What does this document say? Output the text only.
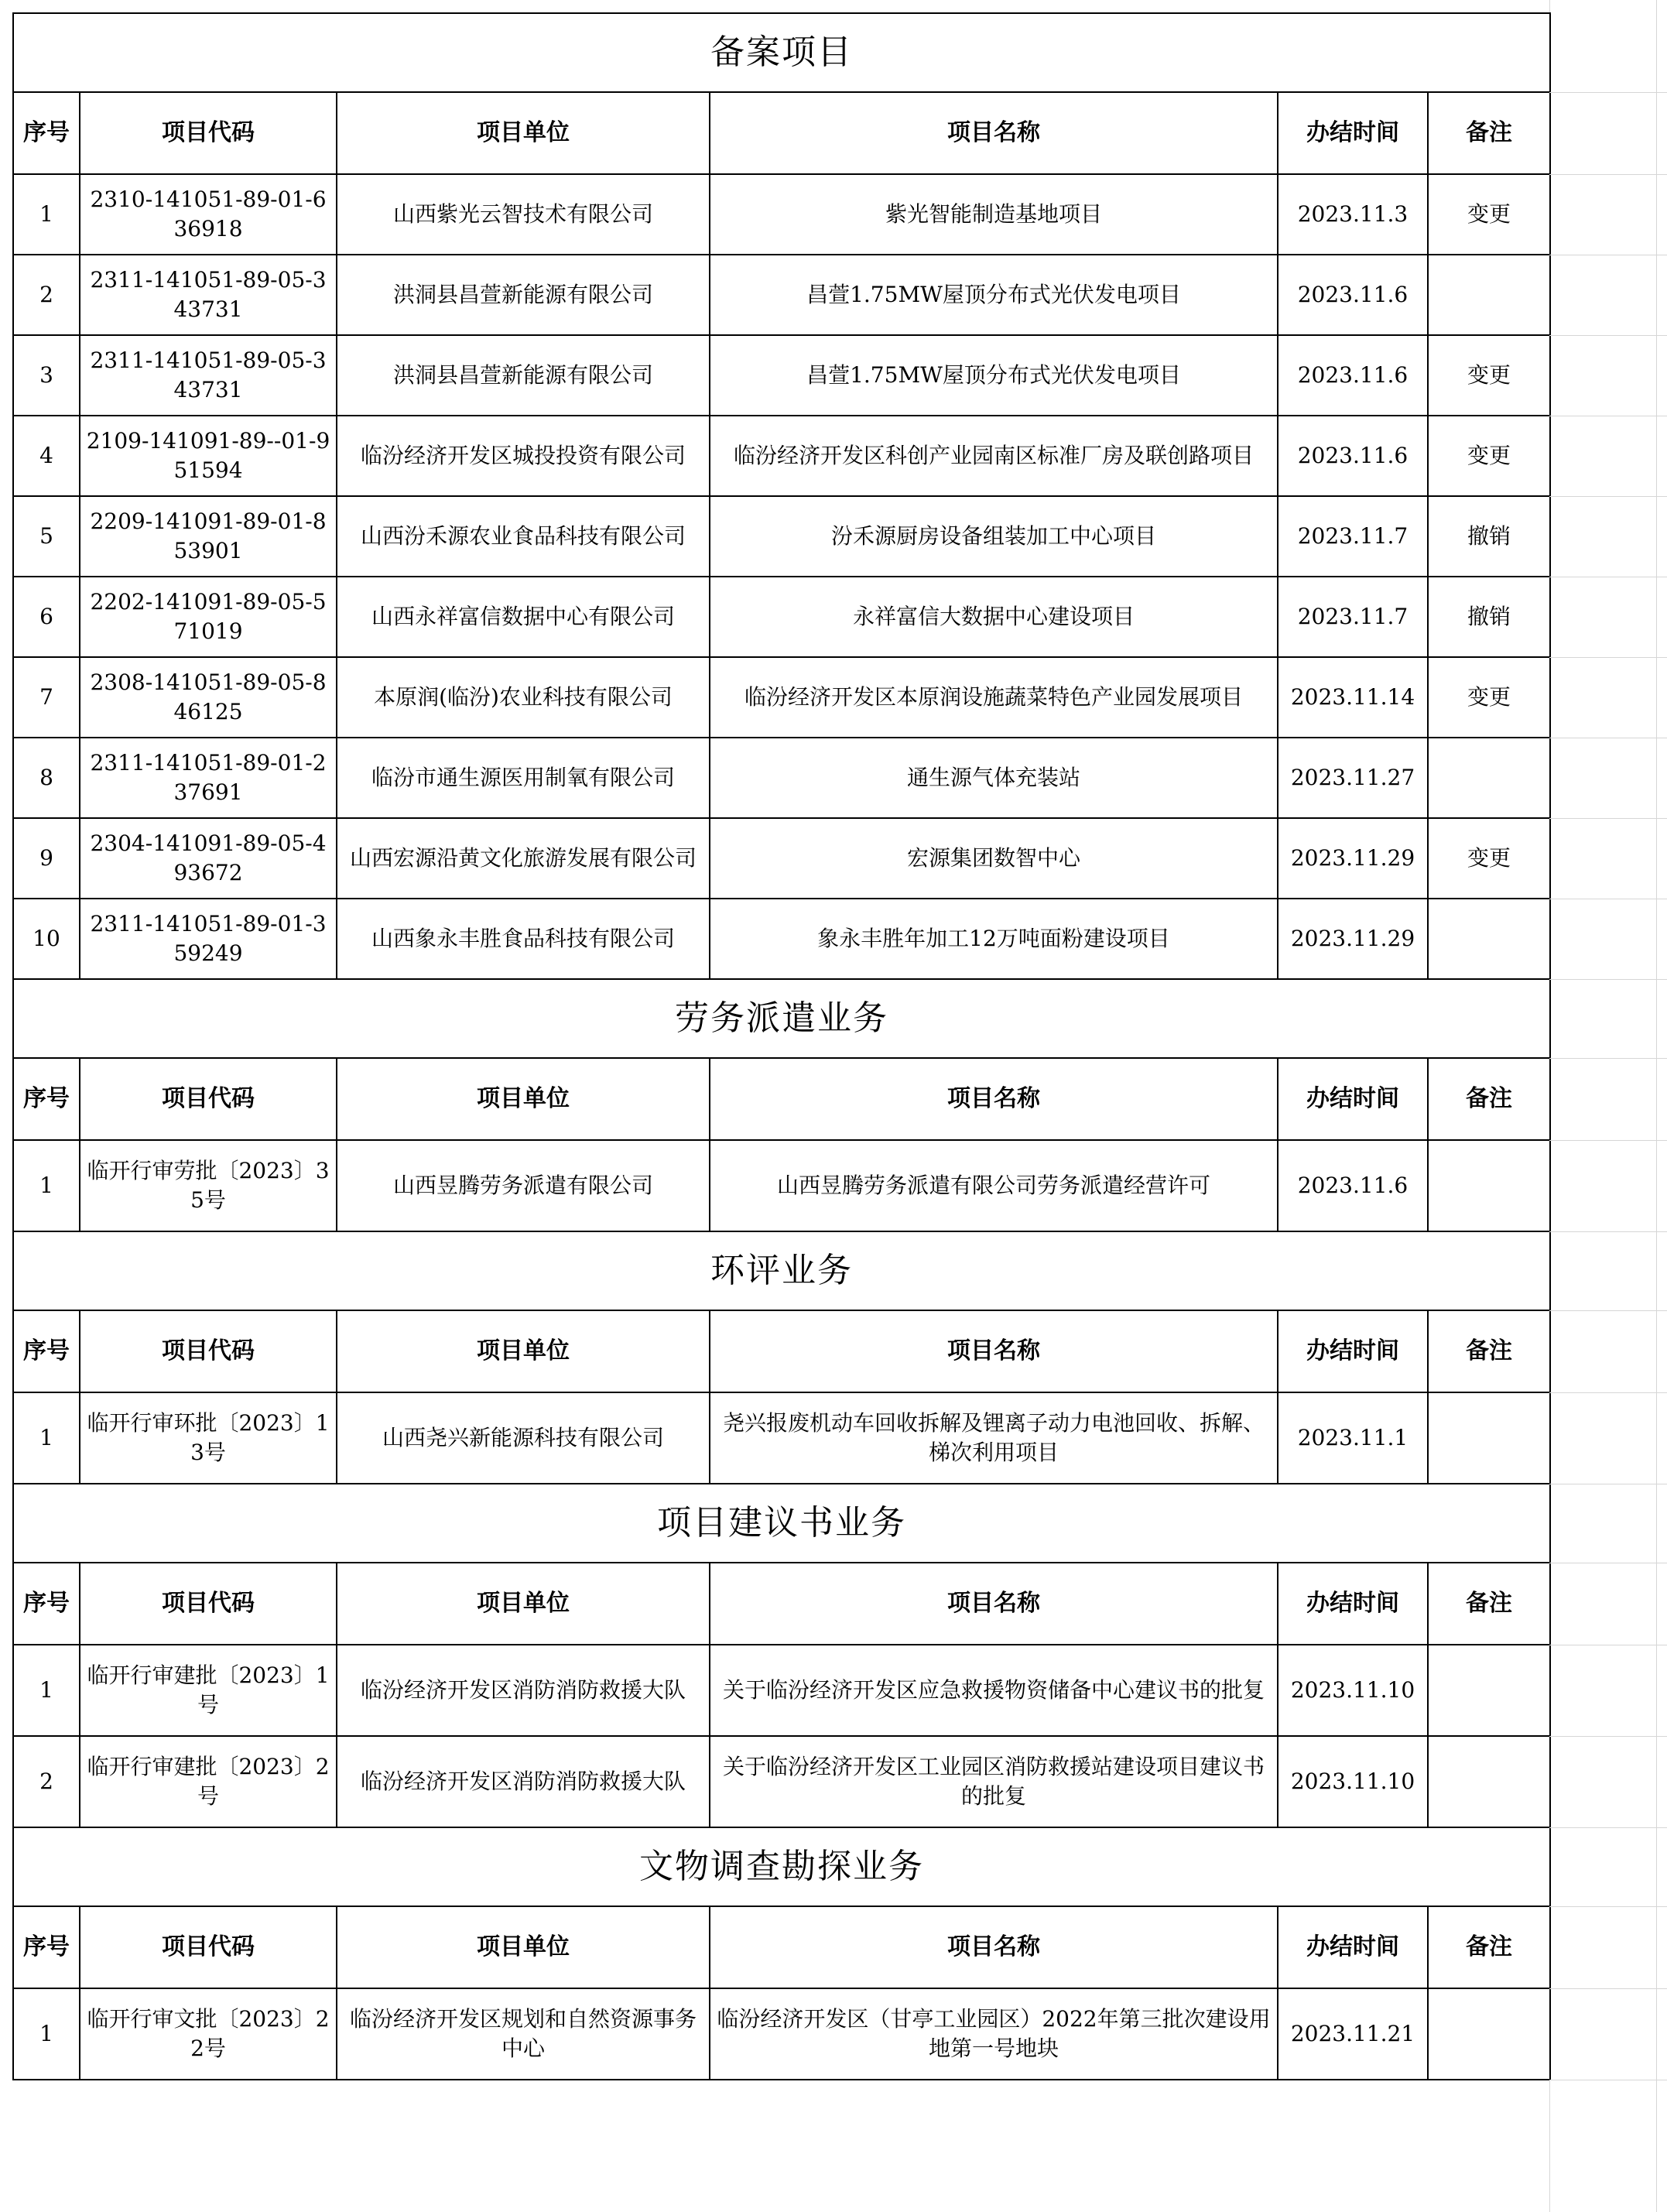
备案项目					
序号	项目代码	项目单位	项目名称	办结时间	备注
1	2310-141051-89-01-636918	山西紫光云智技术有限公司	紫光智能制造基地项目	2023.11.3	变更
2	2311-141051-89-05-343731	洪洞县昌萱新能源有限公司	昌萱1.75MW屋顶分布式光伏发电项目	2023.11.6	
3	2311-141051-89-05-343731	洪洞县昌萱新能源有限公司	昌萱1.75MW屋顶分布式光伏发电项目	2023.11.6	变更
4	2109-141091-89--01-951594	临汾经济开发区城投投资有限公司	临汾经济开发区科创产业园南区标准厂房及联创路项目	2023.11.6	变更
5	2209-141091-89-01-853901	山西汾禾源农业食品科技有限公司	汾禾源厨房设备组装加工中心项目	2023.11.7	撤销
6	2202-141091-89-05-571019	山西永祥富信数据中心有限公司	永祥富信大数据中心建设项目	2023.11.7	撤销
7	2308-141051-89-05-846125	本原润(临汾)农业科技有限公司	临汾经济开发区本原润设施蔬菜特色产业园发展项目	2023.11.14	变更
8	2311-141051-89-01-237691	临汾市通生源医用制氧有限公司	通生源气体充装站	2023.11.27	
9	2304-141091-89-05-493672	山西宏源沿黄文化旅游发展有限公司	宏源集团数智中心	2023.11.29	变更
10	2311-141051-89-01-359249	山西象永丰胜食品科技有限公司	象永丰胜年加工12万吨面粉建设项目	2023.11.29	
劳务派遣业务					
序号	项目代码	项目单位	项目名称	办结时间	备注
1	临开行审劳批〔2023〕35号	山西昱腾劳务派遣有限公司	山西昱腾劳务派遣有限公司劳务派遣经营许可	2023.11.6	
环评业务					
序号	项目代码	项目单位	项目名称	办结时间	备注
1	临开行审环批〔2023〕13号	山西尧兴新能源科技有限公司	尧兴报废机动车回收拆解及锂离子动力电池回收、拆解、梯次利用项目	2023.11.1	
项目建议书业务					
序号	项目代码	项目单位	项目名称	办结时间	备注
1	临开行审建批〔2023〕1号	临汾经济开发区消防消防救援大队	关于临汾经济开发区应急救援物资储备中心建议书的批复	2023.11.10	
2	临开行审建批〔2023〕2号	临汾经济开发区消防消防救援大队	关于临汾经济开发区工业园区消防救援站建设项目建议书的批复	2023.11.10	
文物调查勘探业务					
序号	项目代码	项目单位	项目名称	办结时间	备注
1	临开行审文批〔2023〕22号	临汾经济开发区规划和自然资源事务中心	临汾经济开发区（甘亭工业园区）2022年第三批次建设用地第一号地块	2023.11.21	
